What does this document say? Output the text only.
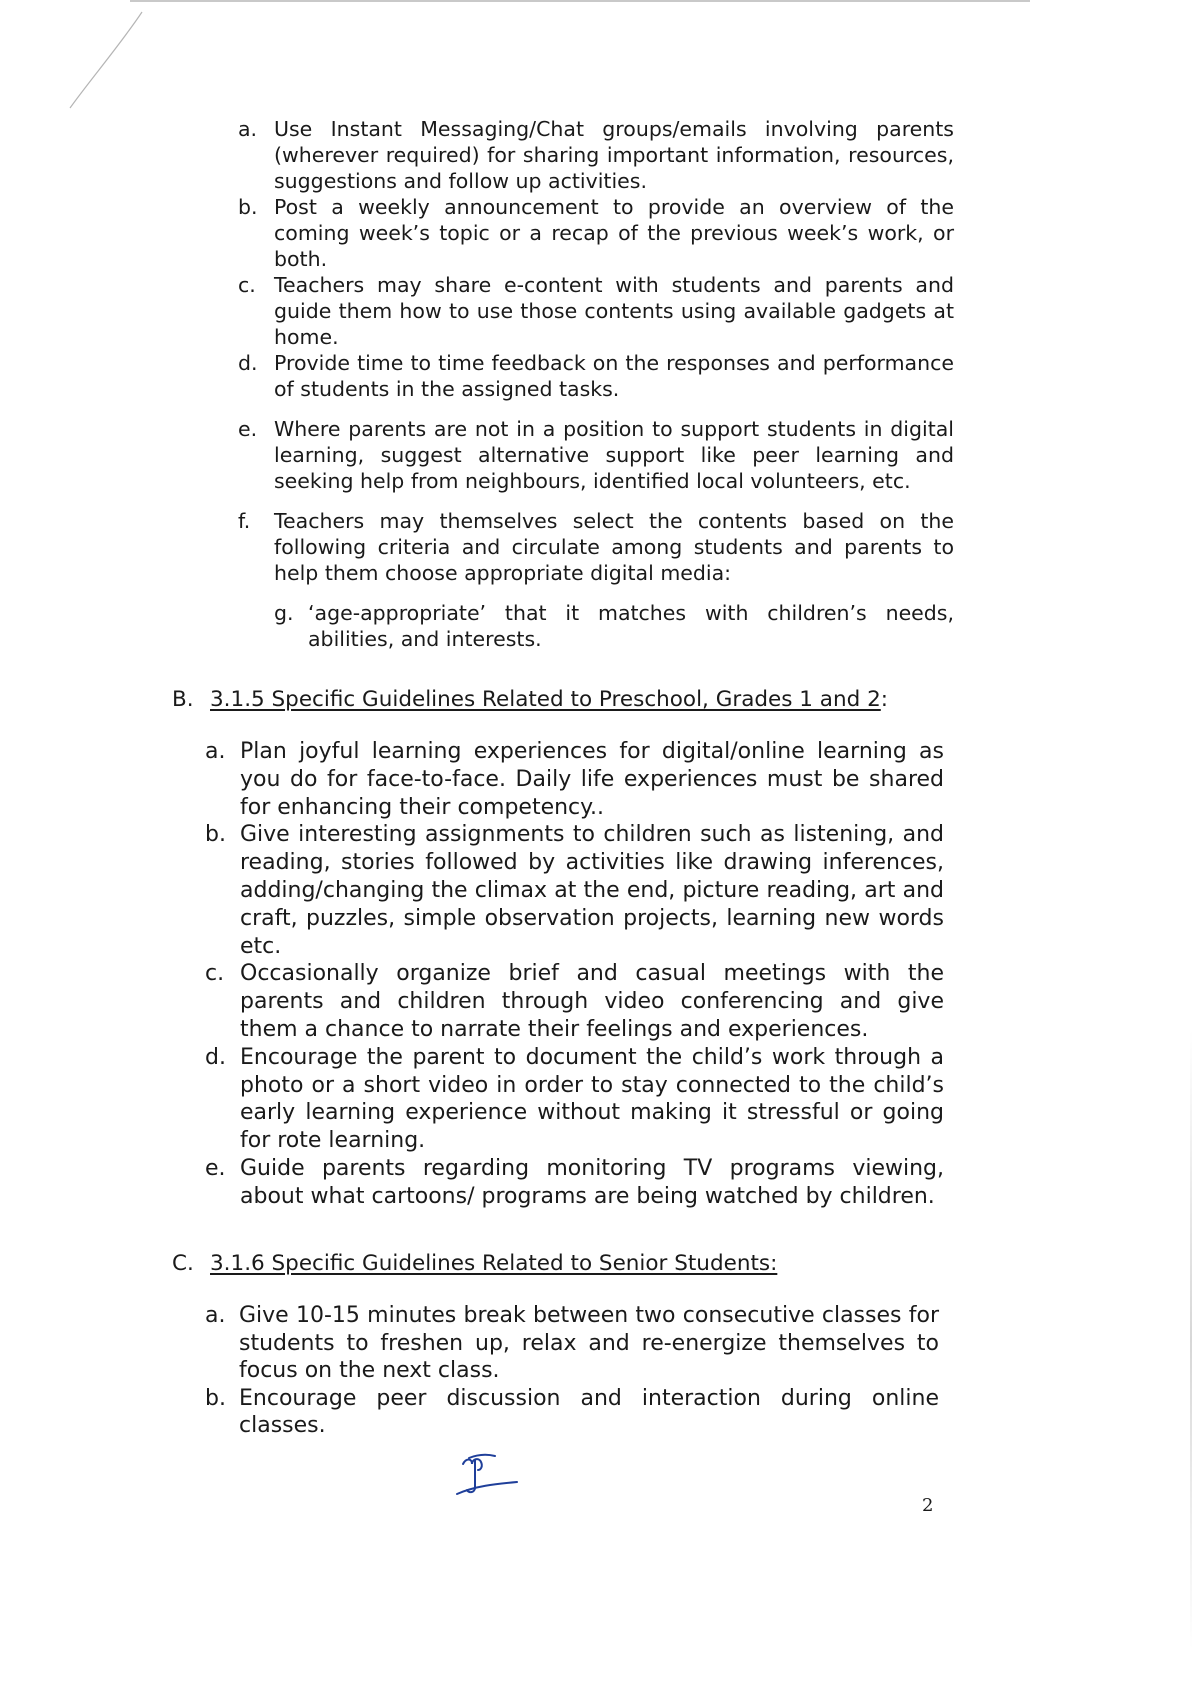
a. Use Instant Messaging/Chat groups/emails involving parents (wherever required) for sharing important information, resources, suggestions and follow up activities.
b. Post a weekly announcement to provide an overview of the coming week’s topic or a recap of the previous week’s work, or both.
c. Teachers may share e-content with students and parents and guide them how to use those contents using available gadgets at home.
d. Provide time to time feedback on the responses and performance of students in the assigned tasks.
e. Where parents are not in a position to support students in digital learning, suggest alternative support like peer learning and seeking help from neighbours, identified local volunteers, etc.
f. Teachers may themselves select the contents based on the following criteria and circulate among students and parents to help them choose appropriate digital media:
g. ‘age-appropriate’ that it matches with children’s needs, abilities, and interests.
B. 3.1.5 Specific Guidelines Related to Preschool, Grades 1 and 2:
a. Plan joyful learning experiences for digital/online learning as you do for face-to-face. Daily life experiences must be shared for enhancing their competency..
b. Give interesting assignments to children such as listening, and reading, stories followed by activities like drawing inferences, adding/changing the climax at the end, picture reading, art and craft, puzzles, simple observation projects, learning new words etc.
c. Occasionally organize brief and casual meetings with the parents and children through video conferencing and give them a chance to narrate their feelings and experiences.
d. Encourage the parent to document the child’s work through a photo or a short video in order to stay connected to the child’s early learning experience without making it stressful or going for rote learning.
e. Guide parents regarding monitoring TV programs viewing, about what cartoons/ programs are being watched by children.
C. 3.1.6 Specific Guidelines Related to Senior Students:
a. Give 10-15 minutes break between two consecutive classes for students to freshen up, relax and re-energize themselves to focus on the next class.
b. Encourage peer discussion and interaction during online classes.
2
